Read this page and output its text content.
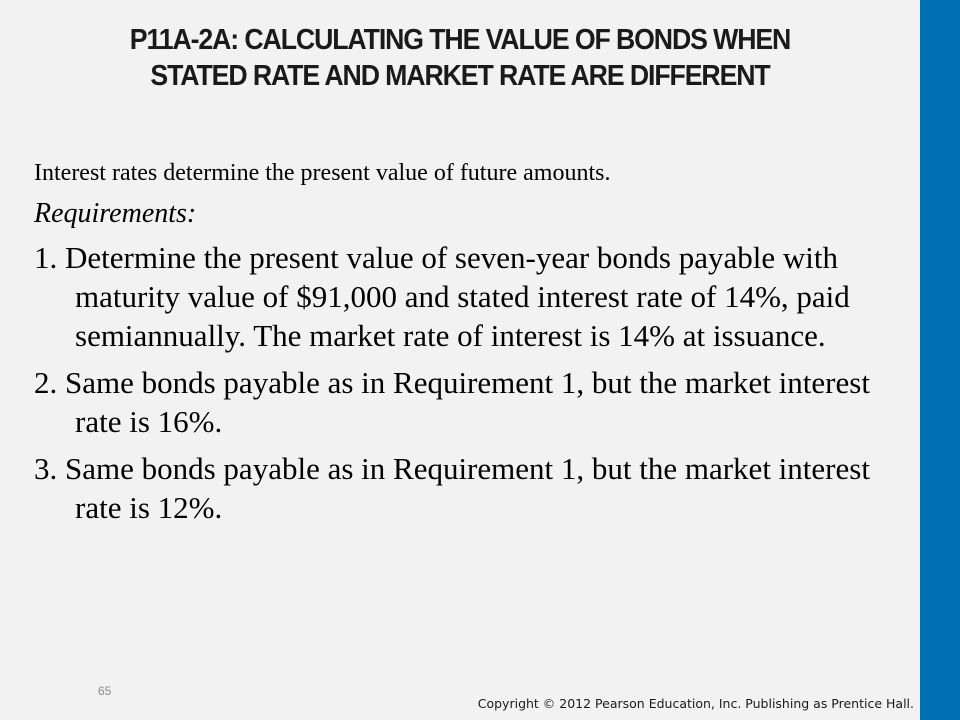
P11A-2A: CALCULATING THE VALUE OF BONDS WHEN
STATED RATE AND MARKET RATE ARE DIFFERENT

Interest rates determine the present value of future amounts.

Requirements:

1. Determine the present value of seven-year bonds payable with maturity value of $91,000 and stated interest rate of 14%, paid semiannually. The market rate of interest is 14% at issuance.
2. Same bonds payable as in Requirement 1, but the market interest rate is 16%.
3. Same bonds payable as in Requirement 1, but the market interest rate is 12%.
65
Copyright © 2012 Pearson Education, Inc. Publishing as Prentice Hall.
